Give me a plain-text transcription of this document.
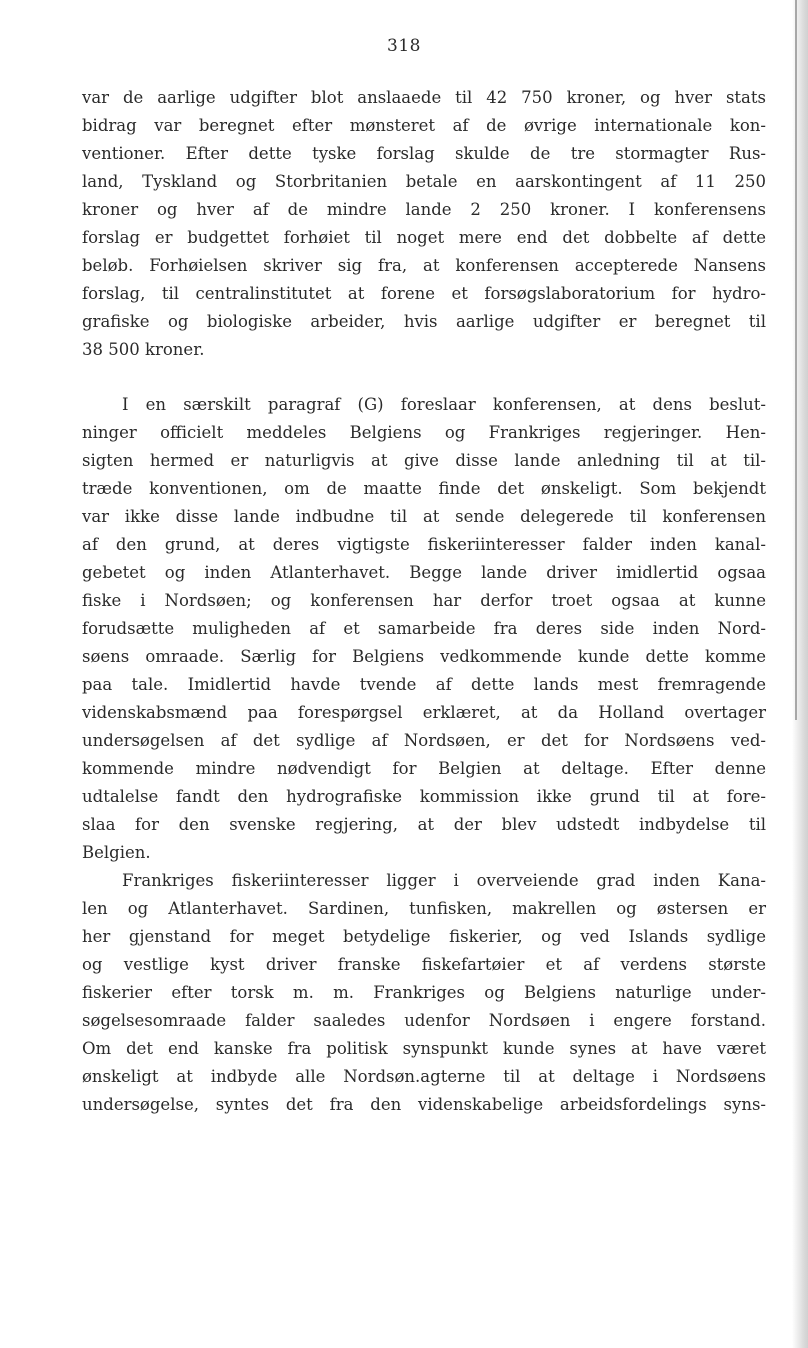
318
var de aarlige udgifter blot anslaaede til 42 750 kroner, og hver stats
bidrag var beregnet efter mønsteret af de øvrige internationale kon-
ventioner. Efter dette tyske forslag skulde de tre stormagter Rus-
land, Tyskland og Storbritanien betale en aarskontingent af 11 250
kroner og hver af de mindre lande 2 250 kroner. I konferensens
forslag er budgettet forhøiet til noget mere end det dobbelte af dette
beløb. Forhøielsen skriver sig fra, at konferensen accepterede Nansens
forslag, til centralinstitutet at forene et forsøgslaboratorium for hydro-
grafiske og biologiske arbeider, hvis aarlige udgifter er beregnet til
38 500 kroner.
I en særskilt paragraf (G) foreslaar konferensen, at dens beslut-
ninger officielt meddeles Belgiens og Frankriges regjeringer. Hen-
sigten hermed er naturligvis at give disse lande anledning til at til-
træde konventionen, om de maatte finde det ønskeligt. Som bekjendt
var ikke disse lande indbudne til at sende delegerede til konferensen
af den grund, at deres vigtigste fiskeriinteresser falder inden kanal-
gebetet og inden Atlanterhavet. Begge lande driver imidlertid ogsaa
fiske i Nordsøen; og konferensen har derfor troet ogsaa at kunne
forudsætte muligheden af et samarbeide fra deres side inden Nord-
søens omraade. Særlig for Belgiens vedkommende kunde dette komme
paa tale. Imidlertid havde tvende af dette lands mest fremragende
videnskabsmænd paa forespørgsel erklæret, at da Holland overtager
undersøgelsen af det sydlige af Nordsøen, er det for Nordsøens ved-
kommende mindre nødvendigt for Belgien at deltage. Efter denne
udtalelse fandt den hydrografiske kommission ikke grund til at fore-
slaa for den svenske regjering, at der blev udstedt indbydelse til
Belgien.
Frankriges fiskeriinteresser ligger i overveiende grad inden Kana-
len og Atlanterhavet. Sardinen, tunfisken, makrellen og østersen er
her gjenstand for meget betydelige fiskerier, og ved Islands sydlige
og vestlige kyst driver franske fiskefartøier et af verdens største
fiskerier efter torsk m. m. Frankriges og Belgiens naturlige under-
søgelsesomraade falder saaledes udenfor Nordsøen i engere forstand.
Om det end kanske fra politisk synspunkt kunde synes at have været
ønskeligt at indbyde alle Nordsøn.agterne til at deltage i Nordsøens
undersøgelse, syntes det fra den videnskabelige arbeidsfordelings syns-
